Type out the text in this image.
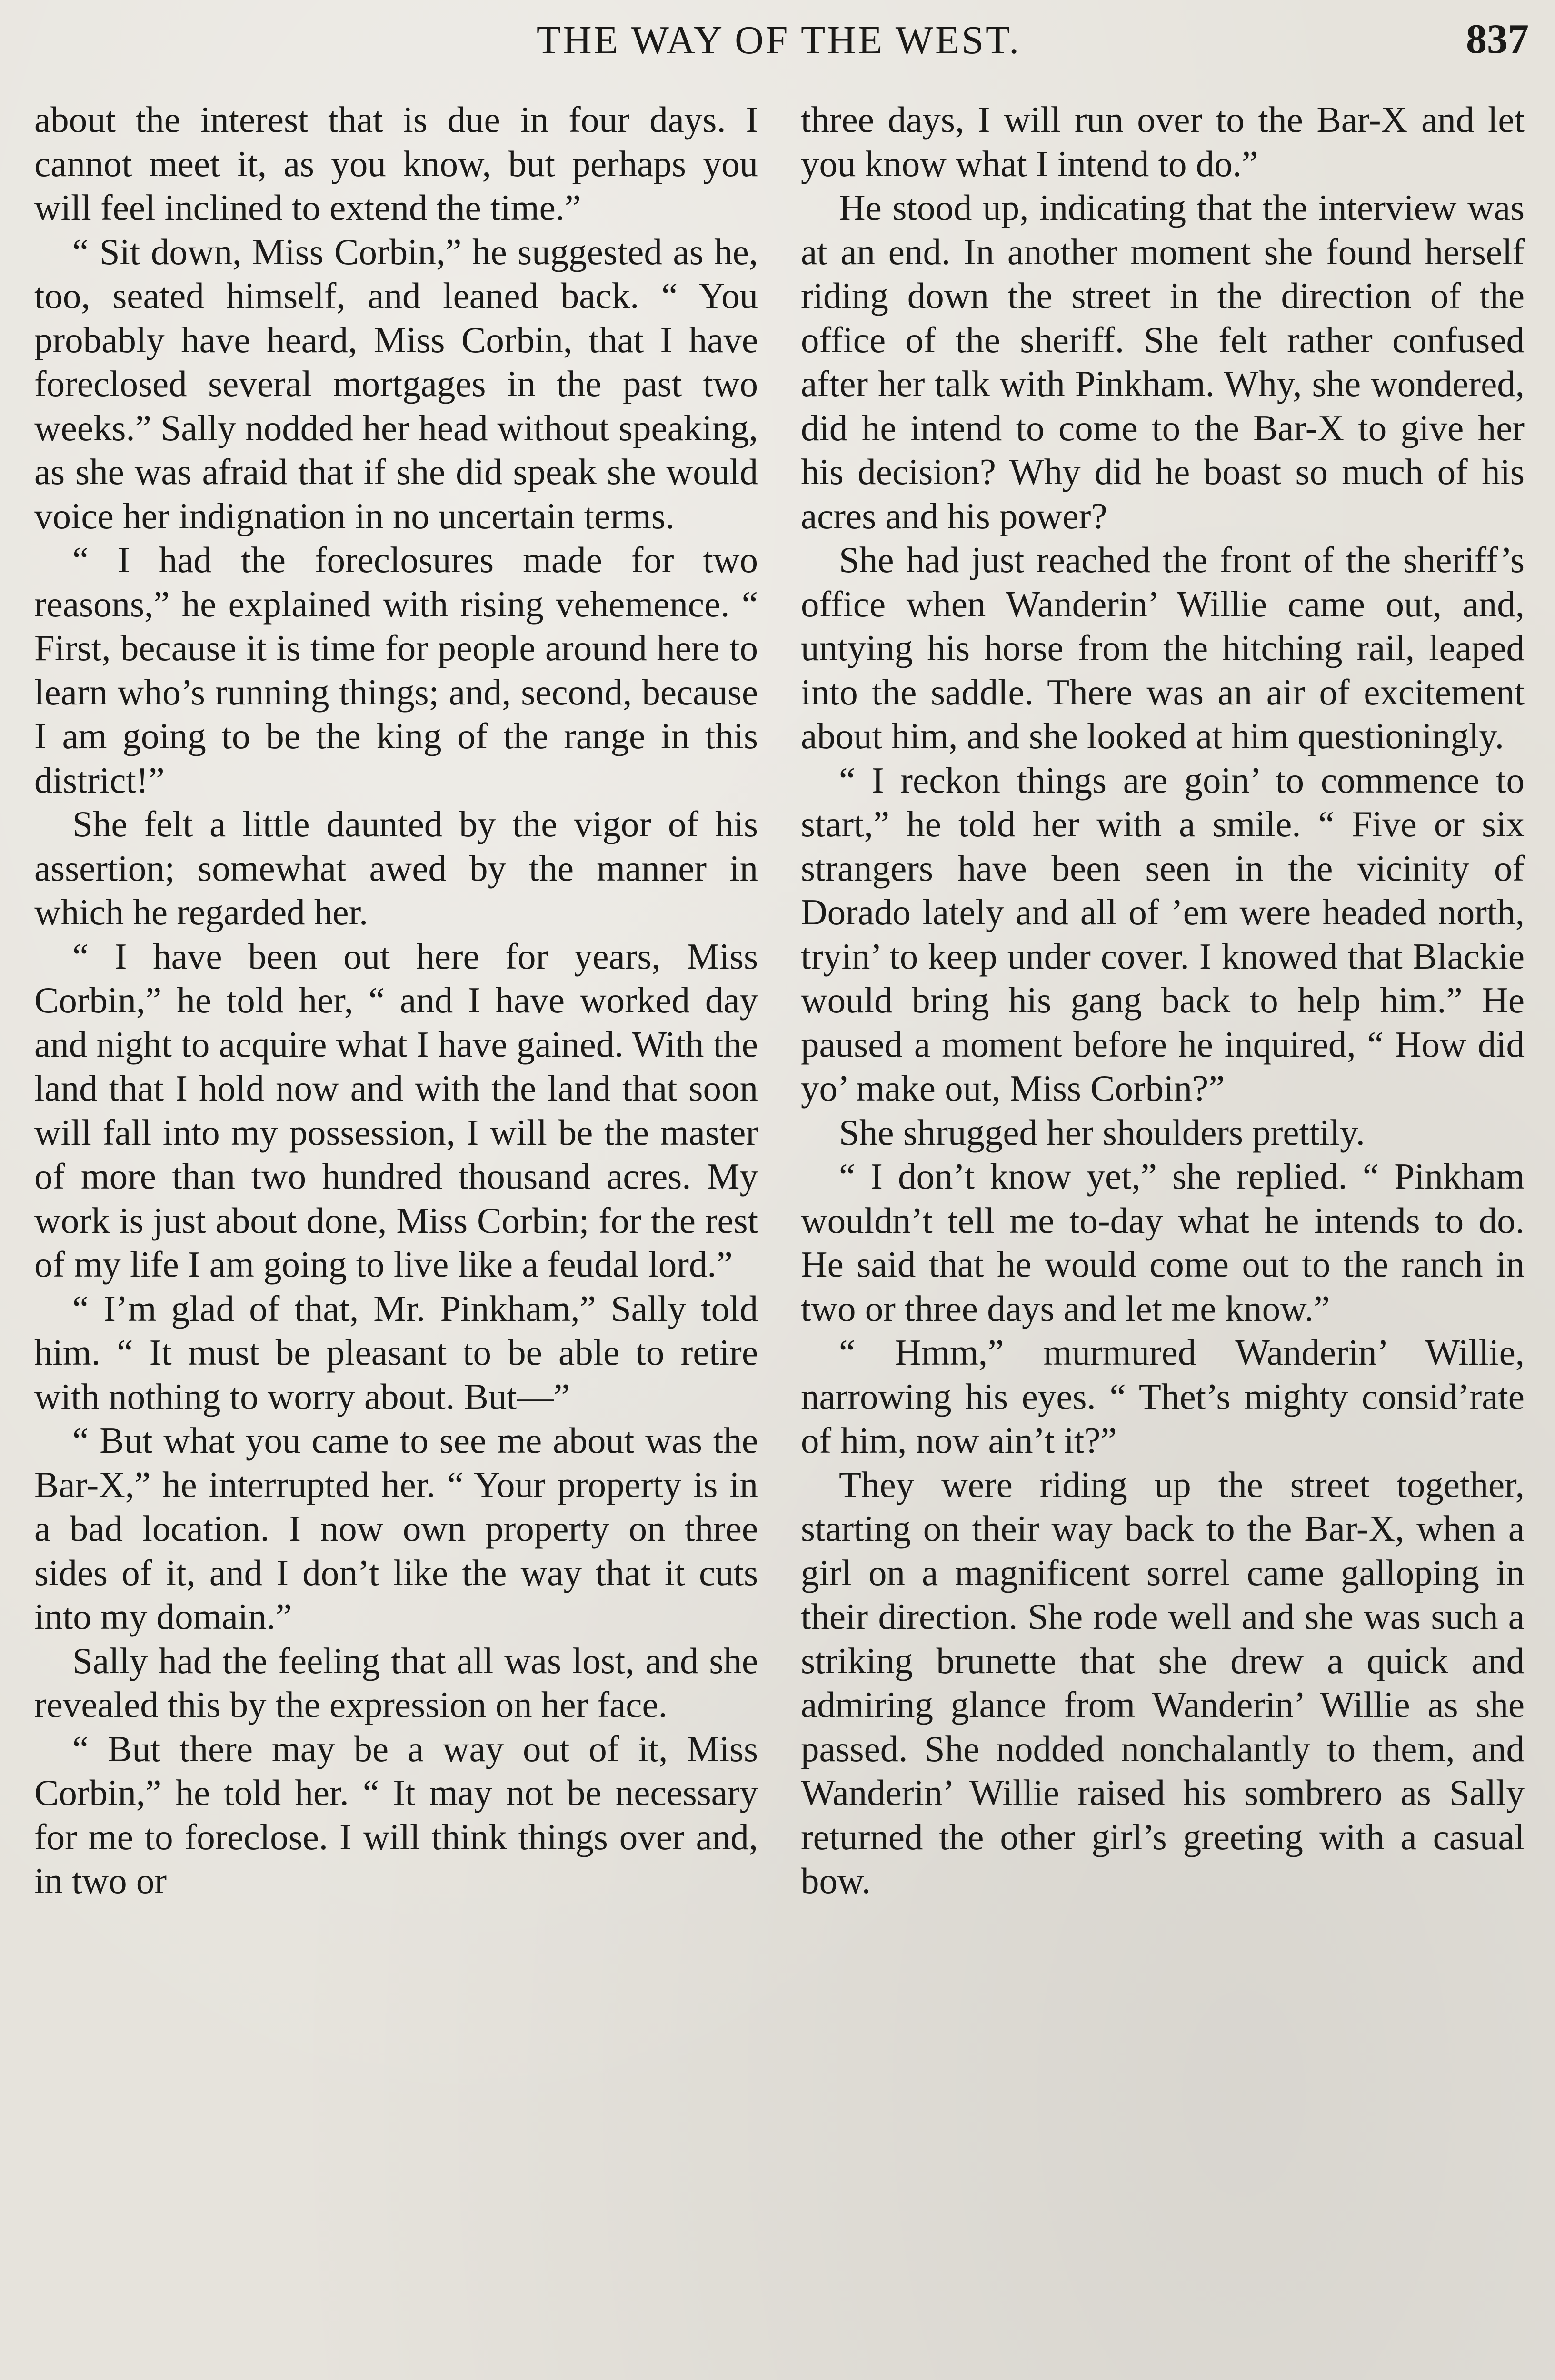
THE WAY OF THE WEST.	837

about the interest that is due in four days. I cannot meet it, as you know, but perhaps you will feel inclined to extend the time.”

“ Sit down, Miss Corbin,” he suggested as he, too, seated himself, and leaned back. “ You probably have heard, Miss Corbin, that I have foreclosed several mortgages in the past two weeks.” Sally nodded her head without speaking, as she was afraid that if she did speak she would voice her indignation in no uncertain terms.

“ I had the foreclosures made for two reasons,” he explained with rising vehemence. “ First, because it is time for people around here to learn who’s running things; and, second, because I am going to be the king of the range in this district!”

She felt a little daunted by the vigor of his assertion; somewhat awed by the manner in which he regarded her.

“ I have been out here for years, Miss Corbin,” he told her, “ and I have worked day and night to acquire what I have gained. With the land that I hold now and with the land that soon will fall into my possession, I will be the master of more than two hundred thousand acres. My work is just about done, Miss Corbin; for the rest of my life I am going to live like a feudal lord.”

“ I’m glad of that, Mr. Pinkham,” Sally told him. “ It must be pleasant to be able to retire with nothing to worry about. But—”

“ But what you came to see me about was the Bar-X,” he interrupted her. “ Your property is in a bad location. I now own property on three sides of it, and I don’t like the way that it cuts into my domain.”

Sally had the feeling that all was lost, and she revealed this by the expression on her face.

“ But there may be a way out of it, Miss Corbin,” he told her. “ It may not be necessary for me to foreclose. I will think things over and, in two or

three days, I will run over to the Bar-X and let you know what I intend to do.”

He stood up, indicating that the interview was at an end. In another moment she found herself riding down the street in the direction of the office of the sheriff. She felt rather confused after her talk with Pinkham. Why, she wondered, did he intend to come to the Bar-X to give her his decision? Why did he boast so much of his acres and his power?

She had just reached the front of the sheriff’s office when Wanderin’ Willie came out, and, untying his horse from the hitching rail, leaped into the saddle. There was an air of excitement about him, and she looked at him questioningly.

“ I reckon things are goin’ to commence to start,” he told her with a smile. “ Five or six strangers have been seen in the vicinity of Dorado lately and all of ’em were headed north, tryin’ to keep under cover. I knowed that Blackie would bring his gang back to help him.” He paused a moment before he inquired, “ How did yo’ make out, Miss Corbin?”

She shrugged her shoulders prettily.

“ I don’t know yet,” she replied. “ Pinkham wouldn’t tell me to-day what he intends to do. He said that he would come out to the ranch in two or three days and let me know.”

“ Hmm,” murmured Wanderin’ Willie, narrowing his eyes. “ Thet’s mighty consid’rate of him, now ain’t it?”

They were riding up the street together, starting on their way back to the Bar-X, when a girl on a magnificent sorrel came galloping in their direction. She rode well and she was such a striking brunette that she drew a quick and admiring glance from Wanderin’ Willie as she passed. She nodded nonchalantly to them, and Wanderin’ Willie raised his sombrero as Sally returned the other girl’s greeting with a casual bow.
